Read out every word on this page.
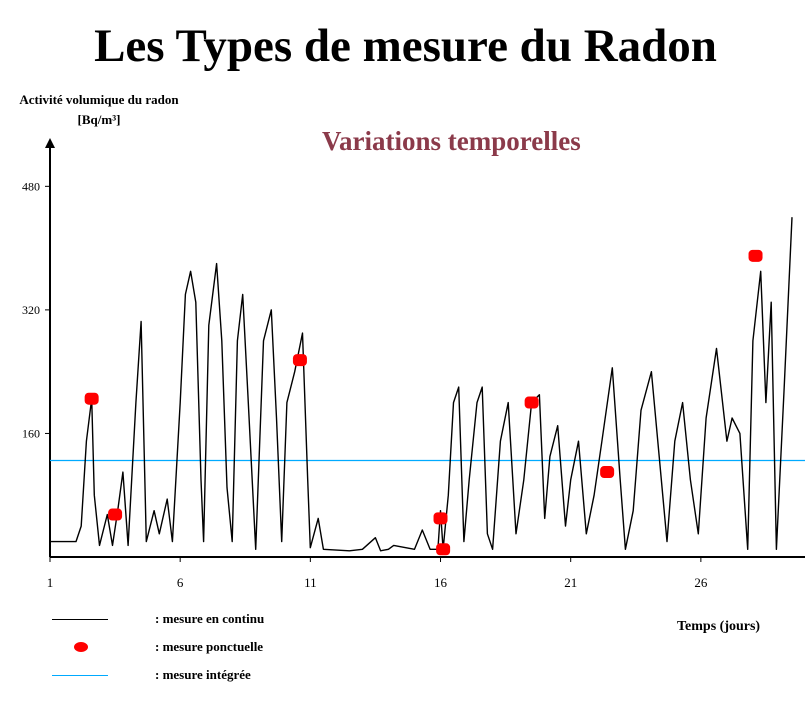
Les Types de mesure du Radon
Activité volumique du radon [Bq/m³]
Variations temporelles
Temps (jours)
160
320
480
1	6	11	16	21	26
: mesure en continu
: mesure ponctuelle
: mesure intégrée
